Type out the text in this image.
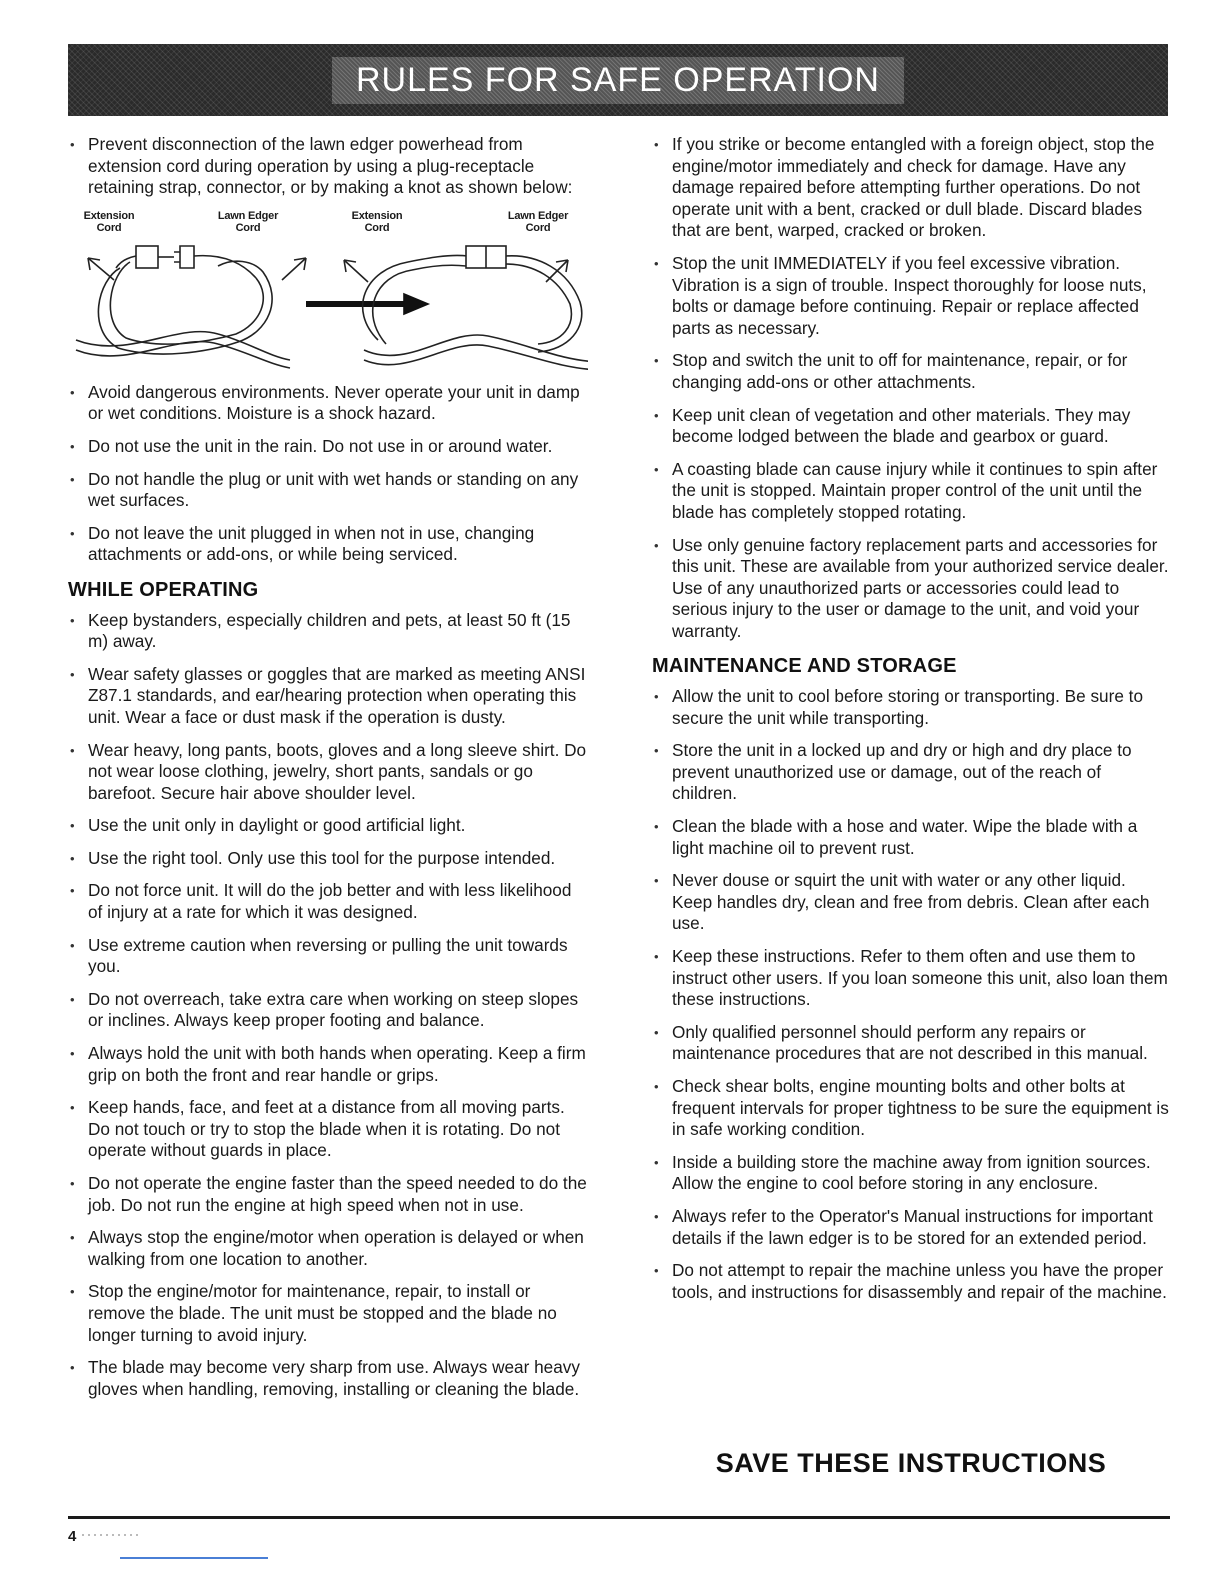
RULES FOR SAFE OPERATION
• Prevent disconnection of the lawn edger powerhead from extension cord during operation by using a plug-receptacle retaining strap, connector, or by making a knot as shown below:
Extension
Cord
Lawn Edger
Cord
Extension
Cord
Lawn Edger
Cord
• Avoid dangerous environments. Never operate your unit in damp or wet conditions. Moisture is a shock hazard.
• Do not use the unit in the rain. Do not use in or around water.
• Do not handle the plug or unit with wet hands or standing on any wet surfaces.
• Do not leave the unit plugged in when not in use, changing attachments or add-ons, or while being serviced.
WHILE OPERATING
• Keep bystanders, especially children and pets, at least 50 ft (15 m) away.
• Wear safety glasses or goggles that are marked as meeting ANSI Z87.1 standards, and ear/hearing protection when operating this unit. Wear a face or dust mask if the operation is dusty.
• Wear heavy, long pants, boots, gloves and a long sleeve shirt. Do not wear loose clothing, jewelry, short pants, sandals or go barefoot. Secure hair above shoulder level.
• Use the unit only in daylight or good artificial light.
• Use the right tool. Only use this tool for the purpose intended.
• Do not force unit. It will do the job better and with less likelihood of injury at a rate for which it was designed.
• Use extreme caution when reversing or pulling the unit towards you.
• Do not overreach, take extra care when working on steep slopes or inclines. Always keep proper footing and balance.
• Always hold the unit with both hands when operating. Keep a firm grip on both the front and rear handle or grips.
• Keep hands, face, and feet at a distance from all moving parts. Do not touch or try to stop the blade when it is rotating. Do not operate without guards in place.
• Do not operate the engine faster than the speed needed to do the job. Do not run the engine at high speed when not in use.
• Always stop the engine/motor when operation is delayed or when walking from one location to another.
• Stop the engine/motor for maintenance, repair, to install or remove the blade. The unit must be stopped and the blade no longer turning to avoid injury.
• The blade may become very sharp from use. Always wear heavy gloves when handling, removing, installing or cleaning the blade.
• If you strike or become entangled with a foreign object, stop the engine/motor immediately and check for damage. Have any damage repaired before attempting further operations. Do not operate unit with a bent, cracked or dull blade. Discard blades that are bent, warped, cracked or broken.
• Stop the unit IMMEDIATELY if you feel excessive vibration. Vibration is a sign of trouble. Inspect thoroughly for loose nuts, bolts or damage before continuing. Repair or replace affected parts as necessary.
• Stop and switch the unit to off for maintenance, repair, or for changing add-ons or other attachments.
• Keep unit clean of vegetation and other materials. They may become lodged between the blade and gearbox or guard.
• A coasting blade can cause injury while it continues to spin after the unit is stopped. Maintain proper control of the unit until the blade has completely stopped rotating.
• Use only genuine factory replacement parts and accessories for this unit. These are available from your authorized service dealer. Use of any unauthorized parts or accessories could lead to serious injury to the user or damage to the unit, and void your warranty.
MAINTENANCE AND STORAGE
• Allow the unit to cool before storing or transporting. Be sure to secure the unit while transporting.
• Store the unit in a locked up and dry or high and dry place to prevent unauthorized use or damage, out of the reach of children.
• Clean the blade with a hose and water. Wipe the blade with a light machine oil to prevent rust.
• Never douse or squirt the unit with water or any other liquid. Keep handles dry, clean and free from debris. Clean after each use.
• Keep these instructions. Refer to them often and use them to instruct other users. If you loan someone this unit, also loan them these instructions.
• Only qualified personnel should perform any repairs or maintenance procedures that are not described in this manual.
• Check shear bolts, engine mounting bolts and other bolts at frequent intervals for proper tightness to be sure the equipment is in safe working condition.
• Inside a building store the machine away from ignition sources. Allow the engine to cool before storing in any enclosure.
• Always refer to the Operator's Manual instructions for important details if the lawn edger is to be stored for an extended period.
• Do not attempt to repair the machine unless you have the proper tools, and instructions for disassembly and repair of the machine.
SAVE THESE INSTRUCTIONS
4
